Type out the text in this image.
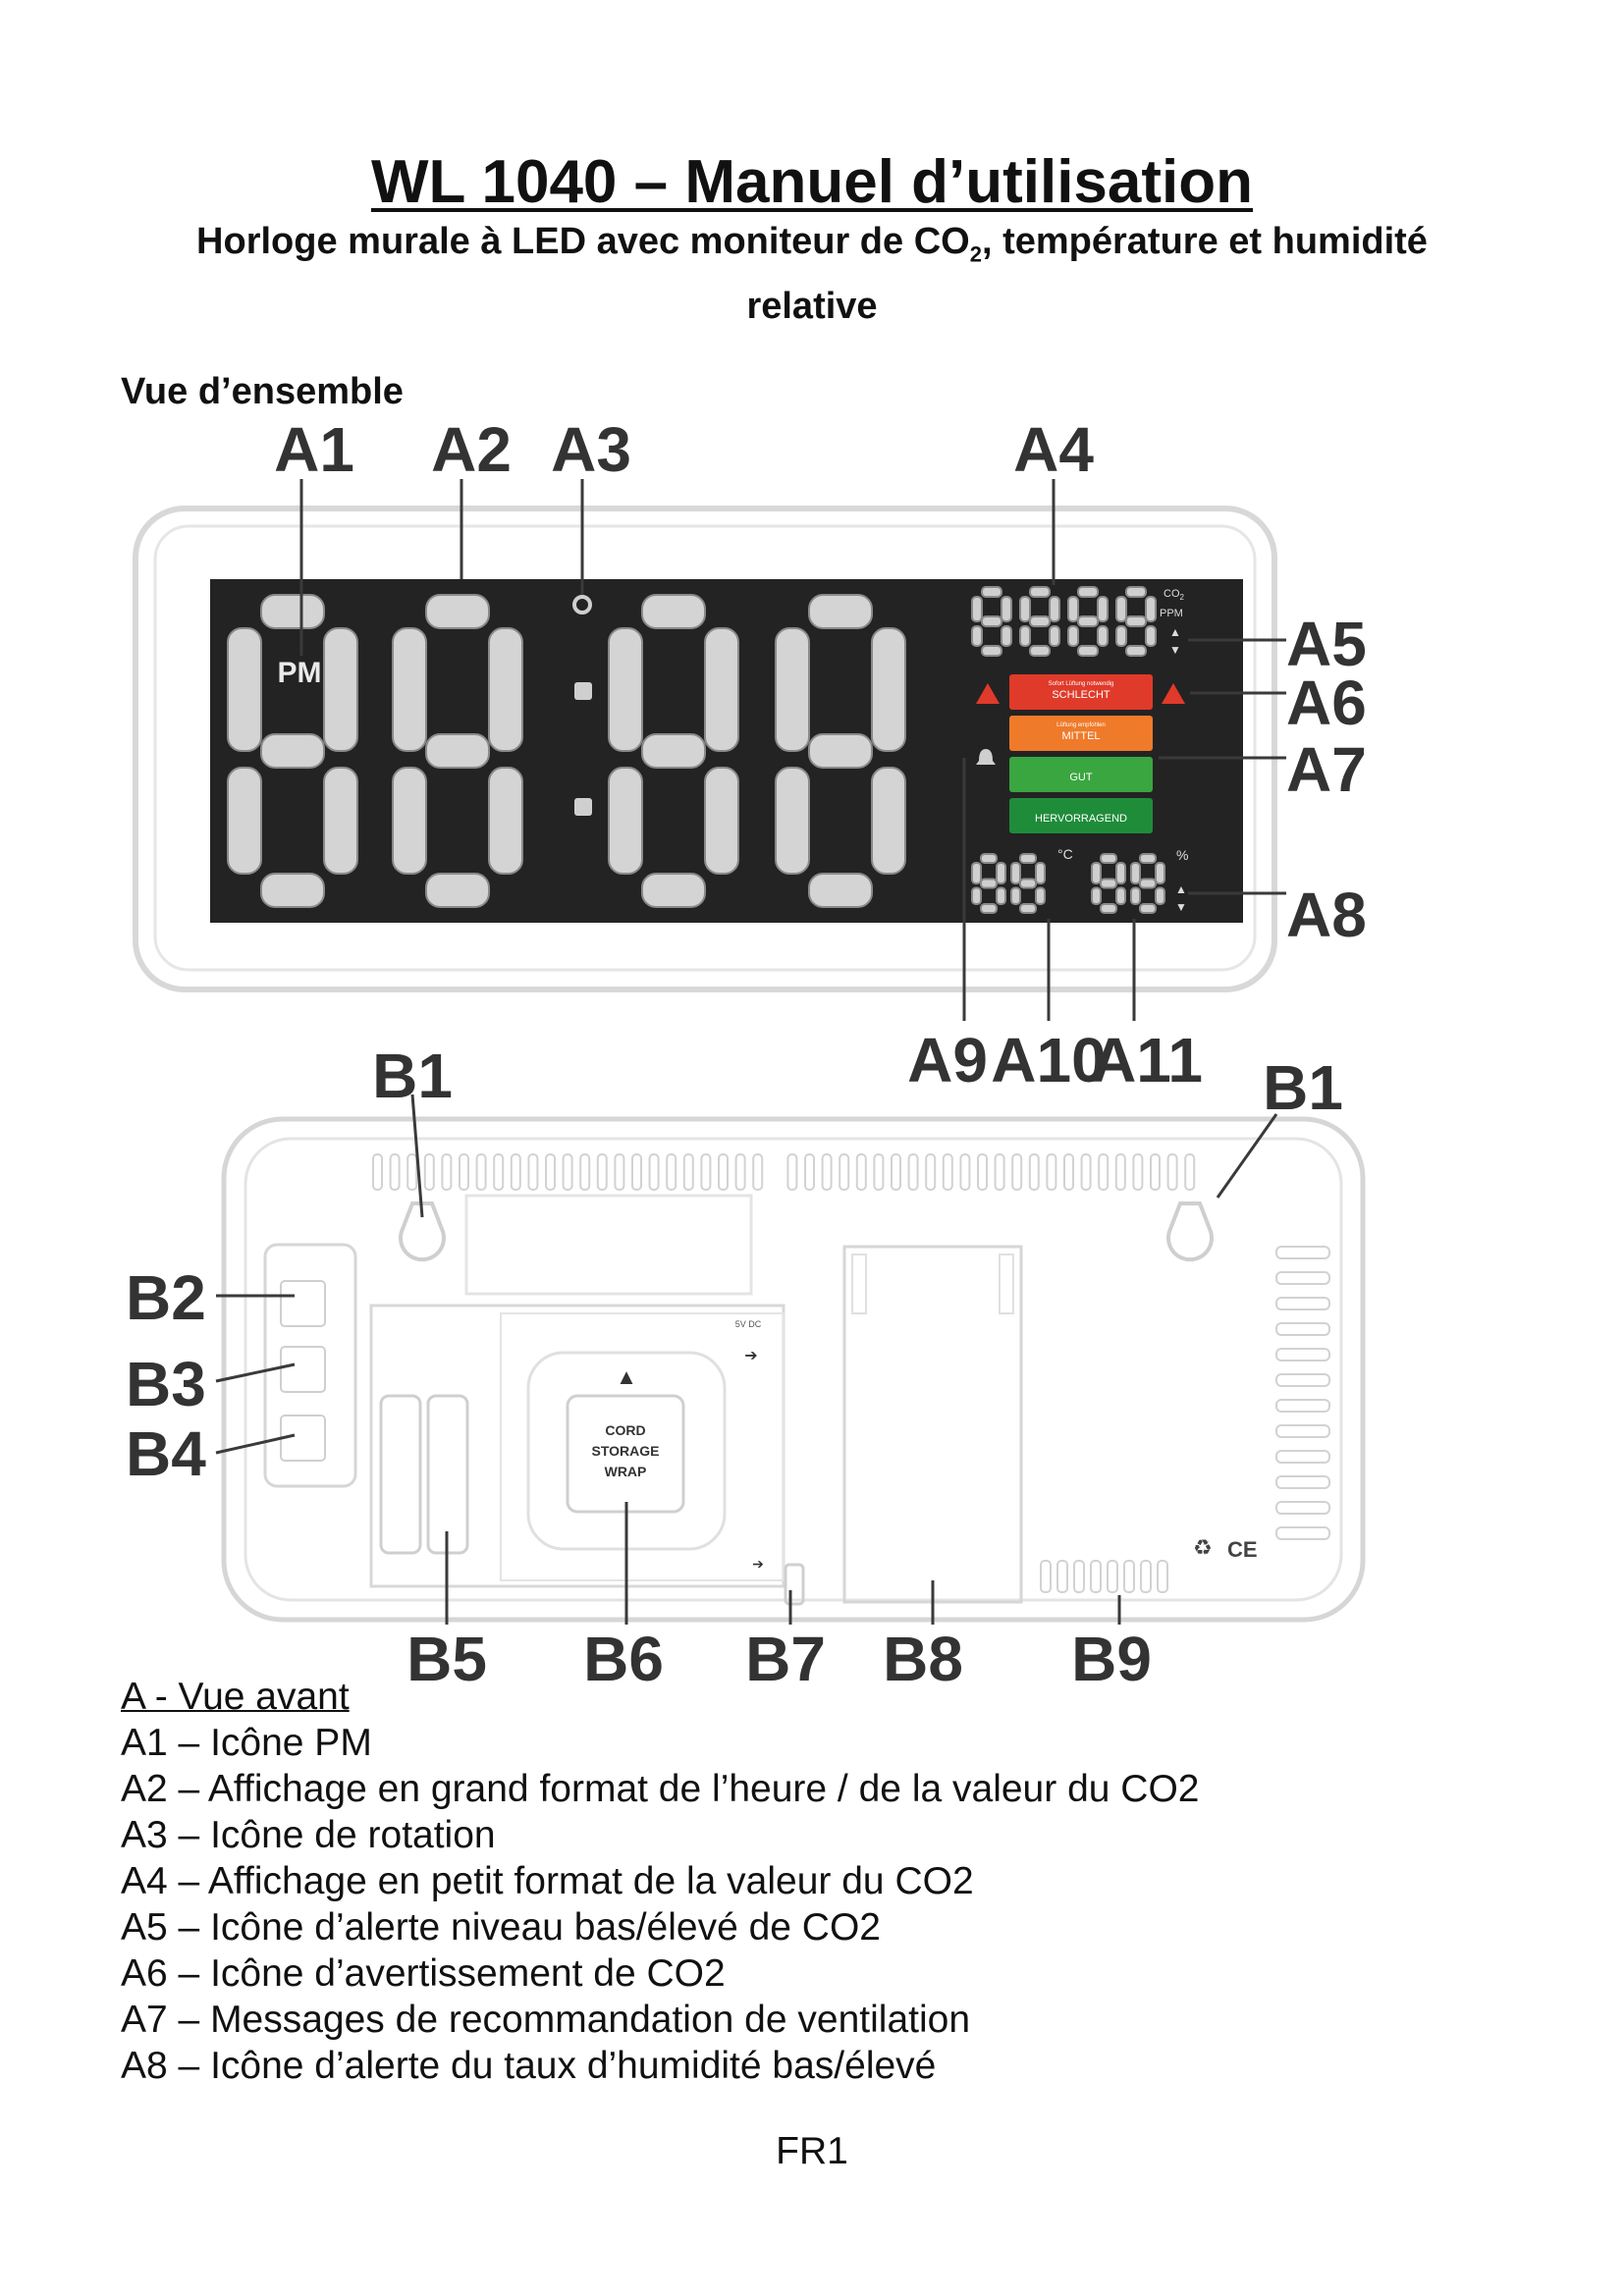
WL 1040 – Manuel d’utilisation
Horloge murale à LED avec moniteur de $CO_2$, température et humidité
relative
Vue d’ensemble
PM
$CO_2$
PPM
▲
▼
Sofort Lüftung notwendig
SCHLECHT
Lüftung empfohlen
MITTEL
GUT
HERVORRAGEND
°C	%
▲
▼
A1 A2 A3	A4
A5
A6
A7
A8
A9 A10
A11
▲
CORD
STORAGE
WRAP
5V DC
➔
➔
♻ CE
B1	B1
B2
B3
B4
B5 B6 B7 B8 B9
A - Vue avant
A1 – Icône PM
A2 – Affichage en grand format de l’heure / de la valeur du CO2
A3 – Icône de rotation
A4 – Affichage en petit format de la valeur du CO2
A5 – Icône d’alerte niveau bas/élevé de CO2
A6 – Icône d’avertissement de CO2
A7 – Messages de recommandation de ventilation
A8 – Icône d’alerte du taux d’humidité bas/élevé
FR1
